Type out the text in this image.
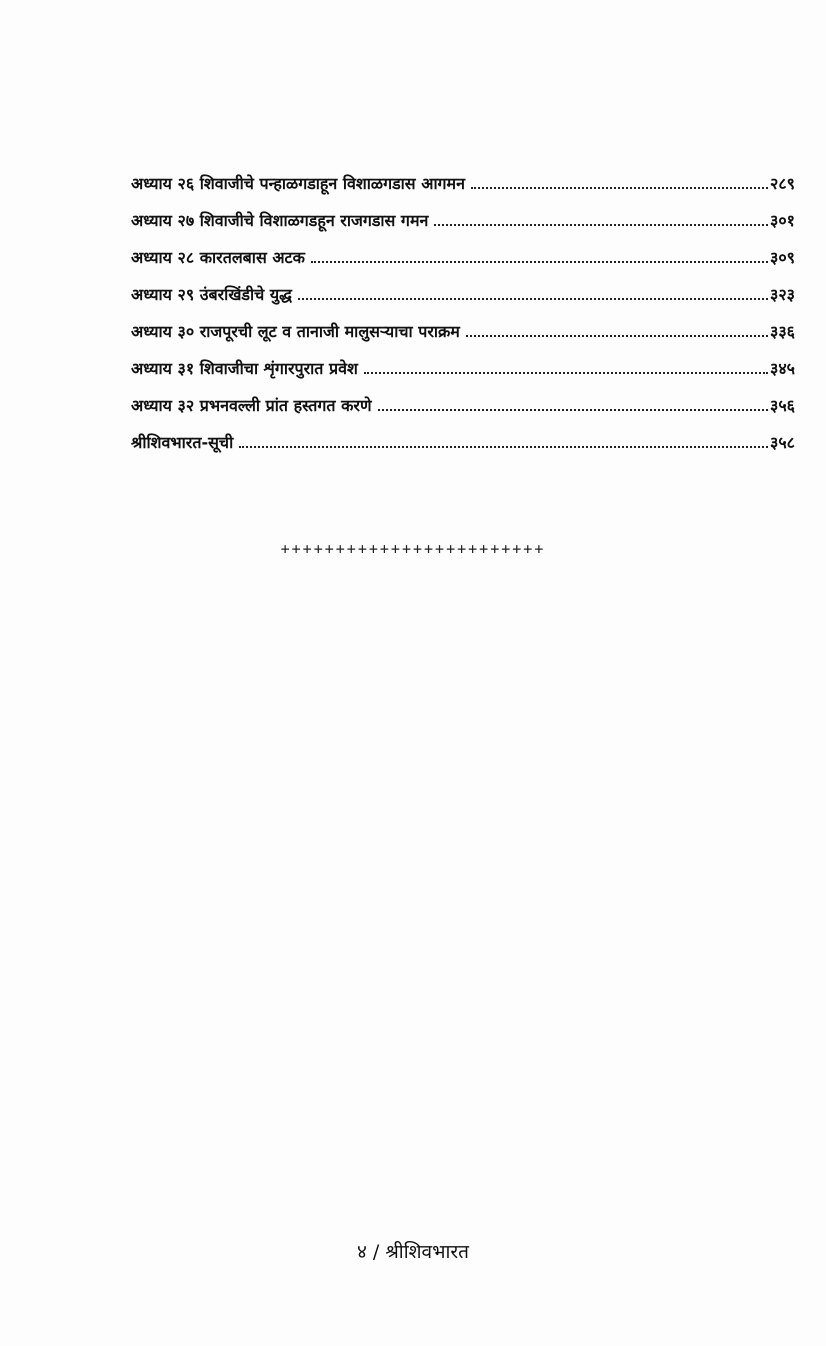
अध्याय २६ शिवाजीचे पन्हाळगडाहून विशाळगडास आगमन	२८९
अध्याय २७ शिवाजीचे विशाळगडहून राजगडास गमन	३०१
अध्याय २८ कारतलबास अटक	३०९
अध्याय २९ उंबरखिंडीचे युद्ध	३२३
अध्याय ३० राजपूरची लूट व तानाजी मालुसऱ्याचा पराक्रम	३३६
अध्याय ३१ शिवाजीचा शृंगारपुरात प्रवेश	३४५
अध्याय ३२ प्रभनवल्ली प्रांत हस्तगत करणे	३५६
श्रीशिवभारत-सूची	३५८
++++++++++++++++++++++++
४ / श्रीशिवभारत
